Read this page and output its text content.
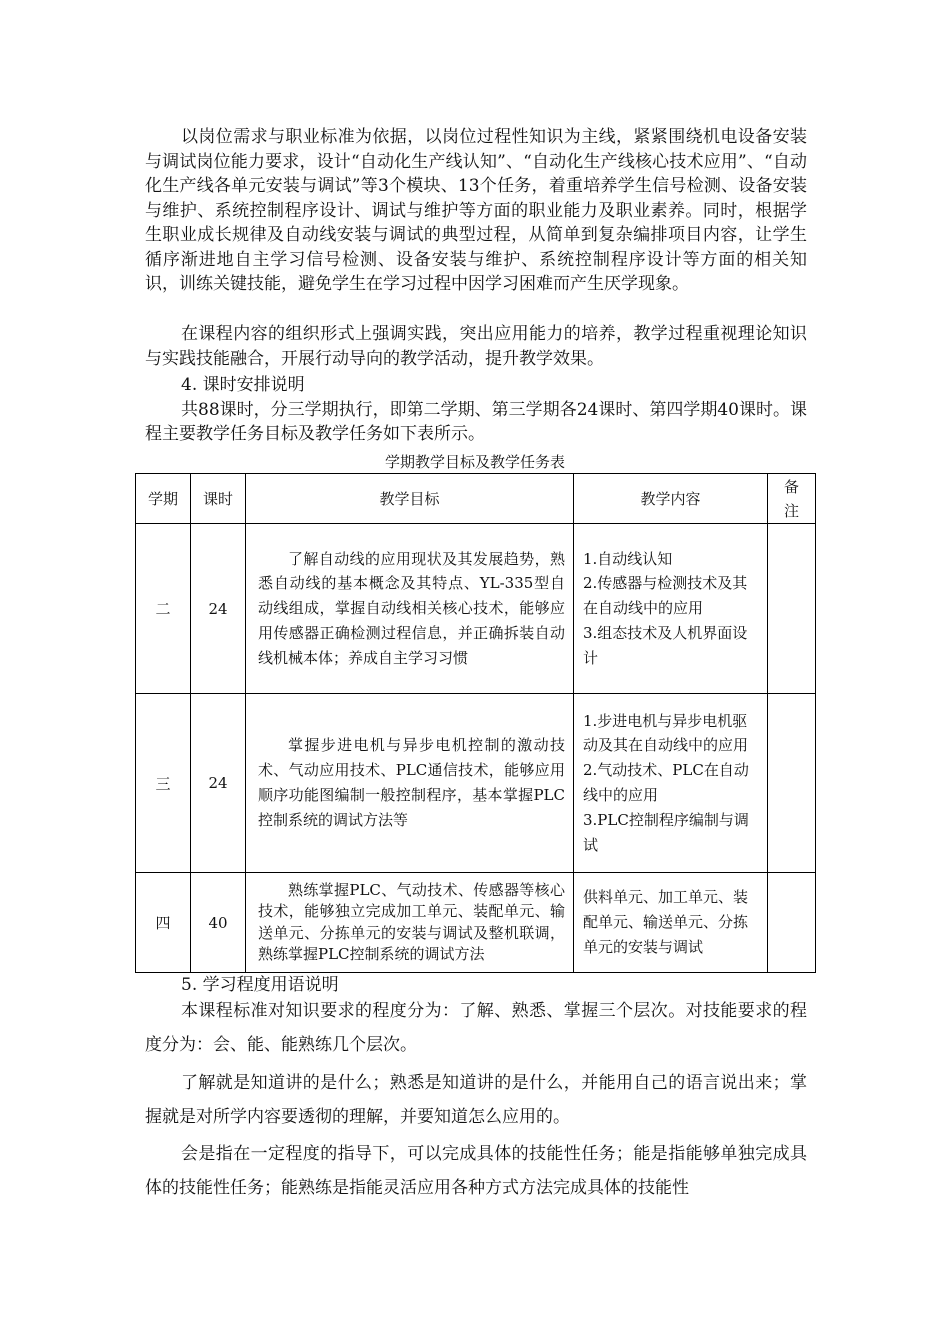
以岗位需求与职业标准为依据，以岗位过程性知识为主线，紧紧围绕机电设备安装与调试岗位能力要求，设计“自动化生产线认知”、“自动化生产线核心技术应用”、“自动化生产线各单元安装与调试”等3个模块、13个任务，着重培养学生信号检测、设备安装与维护、系统控制程序设计、调试与维护等方面的职业能力及职业素养。同时，根据学生职业成长规律及自动线安装与调试的典型过程，从简单到复杂编排项目内容，让学生循序渐进地自主学习信号检测、设备安装与维护、系统控制程序设计等方面的相关知识，训练关键技能，避免学生在学习过程中因学习困难而产生厌学现象。

在课程内容的组织形式上强调实践，突出应用能力的培养，教学过程重视理论知识与实践技能融合，开展行动导向的教学活动，提升教学效果。

4. 课时安排说明

共88课时，分三学期执行，即第二学期、第三学期各24课时、第四学期40课时。课程主要教学任务目标及教学任务如下表所示。

学期教学目标及教学任务表

学期	课时	教学目标	教学内容	备注
二	24	了解自动线的应用现状及其发展趋势，熟悉自动线的基本概念及其特点、YL-335型自动线组成，掌握自动线相关核心技术，能够应用传感器正确检测过程信息，并正确拆装自动线机械本体；养成自主学习习惯	1.自动线认知
2.传感器与检测技术及其在自动线中的应用
3.组态技术及人机界面设计	

三	24	掌握步进电机与异步电机控制的激动技术、气动应用技术、PLC通信技术，能够应用顺序功能图编制一般控制程序，基本掌握PLC控制系统的调试方法等	1.步进电机与异步电机驱动及其在自动线中的应用
2.气动技术、PLC在自动线中的应用
3.PLC控制程序编制与调试	

四	40	熟练掌握PLC、气动技术、传感器等核心技术，能够独立完成加工单元、装配单元、输送单元、分拣单元的安装与调试及整机联调，熟练掌握PLC控制系统的调试方法	供料单元、加工单元、装配单元、输送单元、分拣单元的安装与调试	

5. 学习程度用语说明

本课程标准对知识要求的程度分为：了解、熟悉、掌握三个层次。对技能要求的程度分为：会、能、能熟练几个层次。

了解就是知道讲的是什么；熟悉是知道讲的是什么，并能用自己的语言说出来；掌握就是对所学内容要透彻的理解，并要知道怎么应用的。

会是指在一定程度的指导下，可以完成具体的技能性任务；能是指能够单独完成具体的技能性任务；能熟练是指能灵活应用各种方式方法完成具体的技能性
